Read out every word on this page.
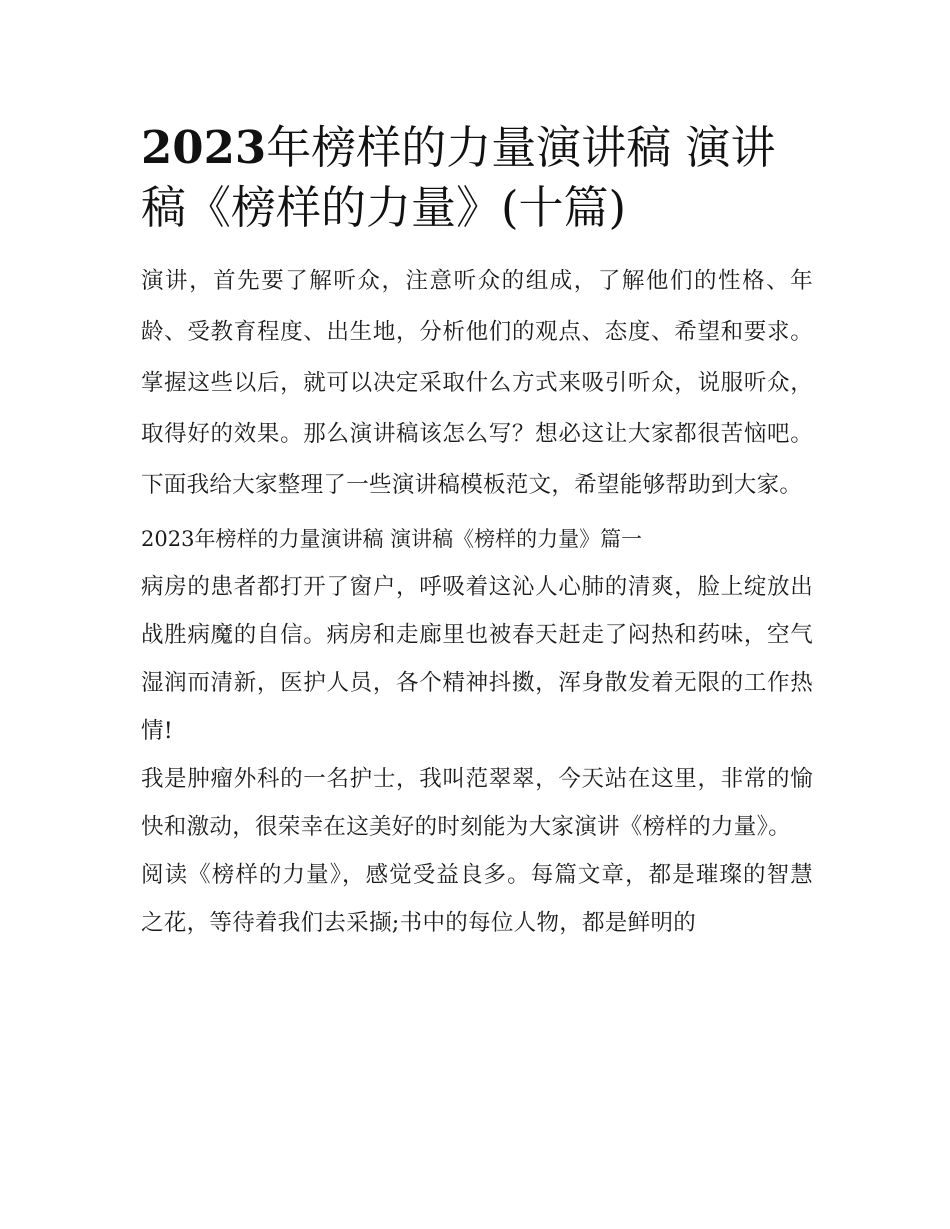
2023年榜样的力量演讲稿 演讲稿《榜样的力量》(十篇)

演讲，首先要了解听众，注意听众的组成，了解他们的性格、年龄、受教育程度、出生地，分析他们的观点、态度、希望和要求。掌握这些以后，就可以决定采取什么方式来吸引听众，说服听众，取得好的效果。那么演讲稿该怎么写？想必这让大家都很苦恼吧。下面我给大家整理了一些演讲稿模板范文，希望能够帮助到大家。

2023年榜样的力量演讲稿 演讲稿《榜样的力量》篇一

病房的患者都打开了窗户，呼吸着这沁人心肺的清爽，脸上绽放出战胜病魔的自信。病房和走廊里也被春天赶走了闷热和药味，空气湿润而清新，医护人员，各个精神抖擞，浑身散发着无限的工作热情!

我是肿瘤外科的一名护士，我叫范翠翠，今天站在这里，非常的愉快和激动，很荣幸在这美好的时刻能为大家演讲《榜样的力量》。

阅读《榜样的力量》，感觉受益良多。每篇文章，都是璀璨的智慧之花，等待着我们去采撷;书中的每位人物，都是鲜明的
